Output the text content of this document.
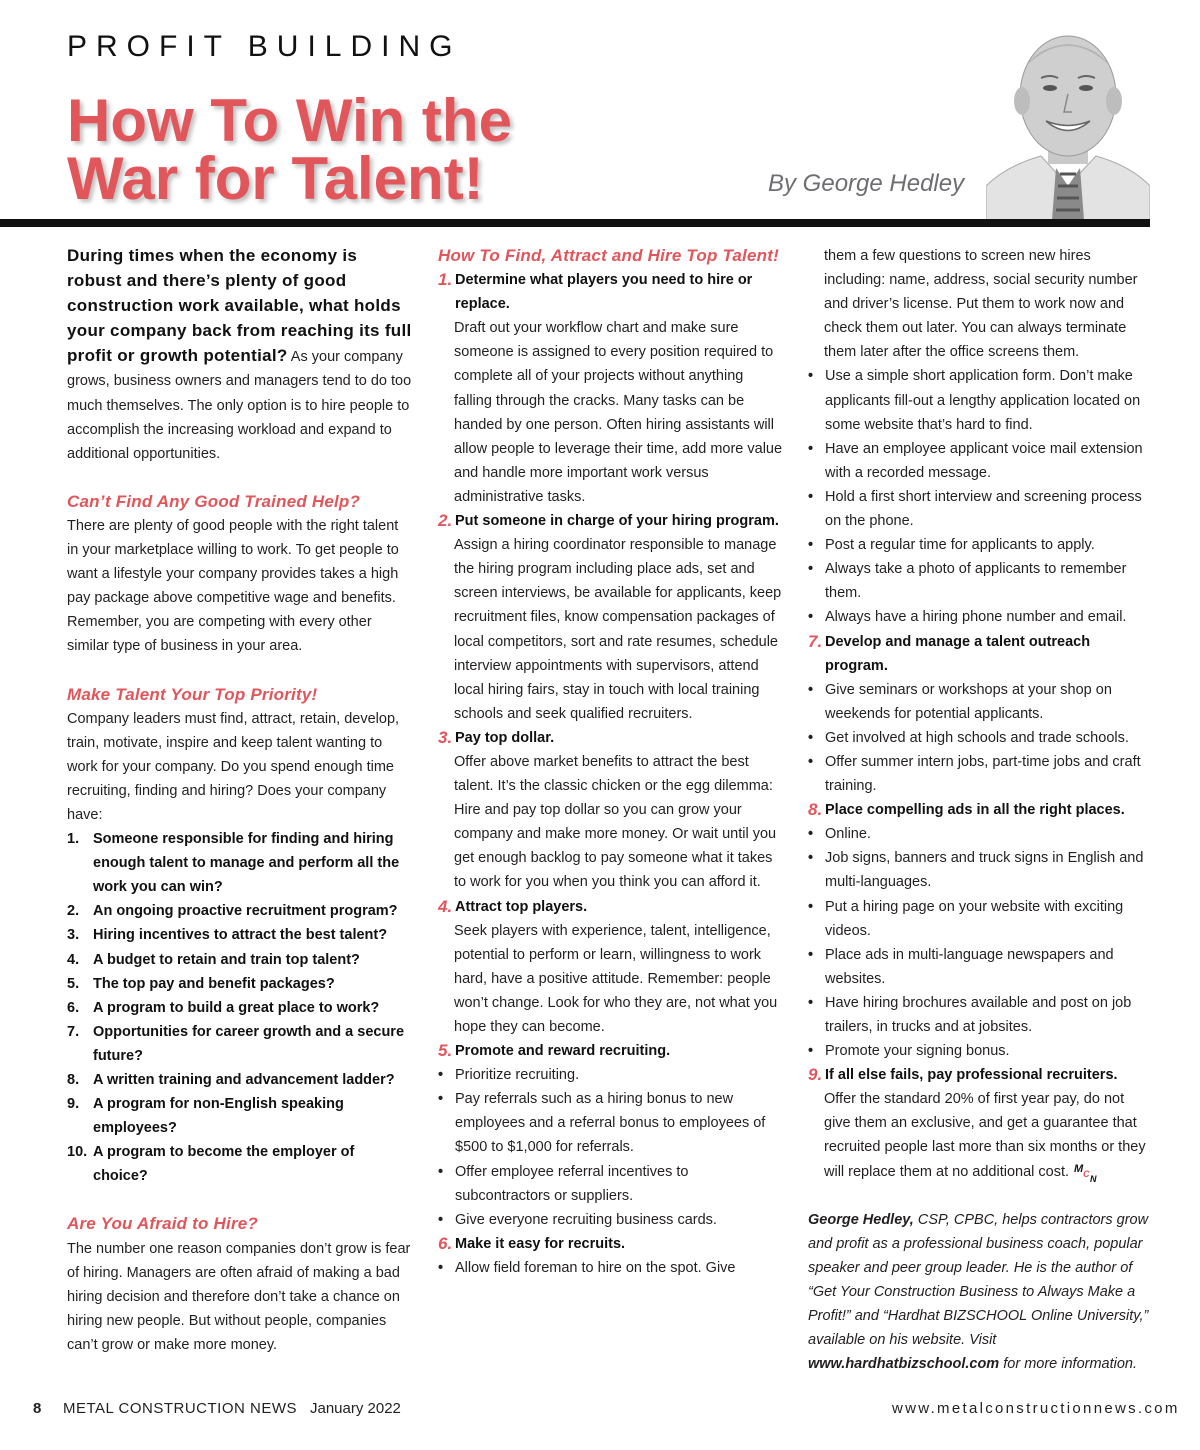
PROFIT BUILDING
How To Win the
War for Talent!	By George Hedley

During times when the economy is robust and there’s plenty of good construction work available, what holds your company back from reaching its full profit or growth potential? As your company grows, business owners and managers tend to do too much themselves. The only option is to hire people to accomplish the increasing workload and expand to additional opportunities.

Can’t Find Any Good Trained Help?

There are plenty of good people with the right talent in your marketplace willing to work. To get people to want a lifestyle your company provides takes a high pay package above competitive wage and benefits. Remember, you are competing with every other similar type of business in your area.

Make Talent Your Top Priority!

Company leaders must find, attract, retain, develop, train, motivate, inspire and keep talent wanting to work for your company. Do you spend enough time recruiting, finding and hiring? Does your company have:

1. Someone responsible for finding and hiring enough talent to manage and perform all the work you can win?
2. An ongoing proactive recruitment program?
3. Hiring incentives to attract the best talent?
4. A budget to retain and train top talent?
5. The top pay and benefit packages?
6. A program to build a great place to work?
7. Opportunities for career growth and a secure future?
8. A written training and advancement ladder?
9. A program for non-English speaking employees?
10. A program to become the employer of choice?
Are You Afraid to Hire?

The number one reason companies don’t grow is fear of hiring. Managers are often afraid of making a bad hiring decision and therefore don’t take a chance on hiring new people. But without people, companies can’t grow or make more money.

How To Find, Attract and Hire Top Talent!
1. Determine what players you need to hire or replace.

Draft out your workflow chart and make sure someone is assigned to every position required to complete all of your projects without anything falling through the cracks. Many tasks can be handed by one person. Often hiring assistants will allow people to leverage their time, add more value and handle more important work versus administrative tasks.

2. Put someone in charge of your hiring program.

Assign a hiring coordinator responsible to manage the hiring program including place ads, set and screen interviews, be available for applicants, keep recruitment files, know compensation packages of local competitors, sort and rate resumes, schedule interview appointments with supervisors, attend local hiring fairs, stay in touch with local training schools and seek qualified recruiters.

3. Pay top dollar.

Offer above market benefits to attract the best talent. It’s the classic chicken or the egg dilemma: Hire and pay top dollar so you can grow your company and make more money. Or wait until you get enough backlog to pay someone what it takes to work for you when you think you can afford it.

4. Attract top players.

Seek players with experience, talent, intelligence, potential to perform or learn, willingness to work hard, have a positive attitude. Remember: people won’t change. Look for who they are, not what you hope they can become.

5. Promote and reward recruiting.
• Prioritize recruiting.
• Pay referrals such as a hiring bonus to new employees and a referral bonus to employees of $500 to $1,000 for referrals.
• Offer employee referral incentives to subcontractors or suppliers.
• Give everyone recruiting business cards.
6. Make it easy for recruits.
• Allow field foreman to hire on the spot. Give

them a few questions to screen new hires including: name, address, social security number and driver’s license. Put them to work now and check them out later. You can always terminate them later after the office screens them.

• Use a simple short application form. Don’t make applicants fill-out a lengthy application located on some website that’s hard to find.
• Have an employee applicant voice mail extension with a recorded message.
• Hold a first short interview and screening process on the phone.
• Post a regular time for applicants to apply.
• Always take a photo of applicants to remember them.
• Always have a hiring phone number and email.
7. Develop and manage a talent outreach program.
• Give seminars or workshops at your shop on weekends for potential applicants.
• Get involved at high schools and trade schools.
• Offer summer intern jobs, part-time jobs and craft training.
8. Place compelling ads in all the right places.
• Online.
• Job signs, banners and truck signs in English and multi-languages.
• Put a hiring page on your website with exciting videos.
• Place ads in multi-language newspapers and websites.
• Have hiring brochures available and post on job trailers, in trucks and at jobsites.
• Promote your signing bonus.
9. If all else fails, pay professional recruiters.

Offer the standard 20% of first year pay, do not give them an exclusive, and get a guarantee that recruited people last more than six months or they will replace them at no additional cost. M C N

George Hedley, CSP, CPBC, helps contractors grow and profit as a professional business coach, popular speaker and peer group leader. He is the author of “Get Your Construction Business to Always Make a Profit!” and “Hardhat BIZSCHOOL Online University,” available on his website. Visit www.hardhatbizschool.com for more information.

8 METAL CONSTRUCTION NEWS January 2022	www.metalconstructionnews.com
